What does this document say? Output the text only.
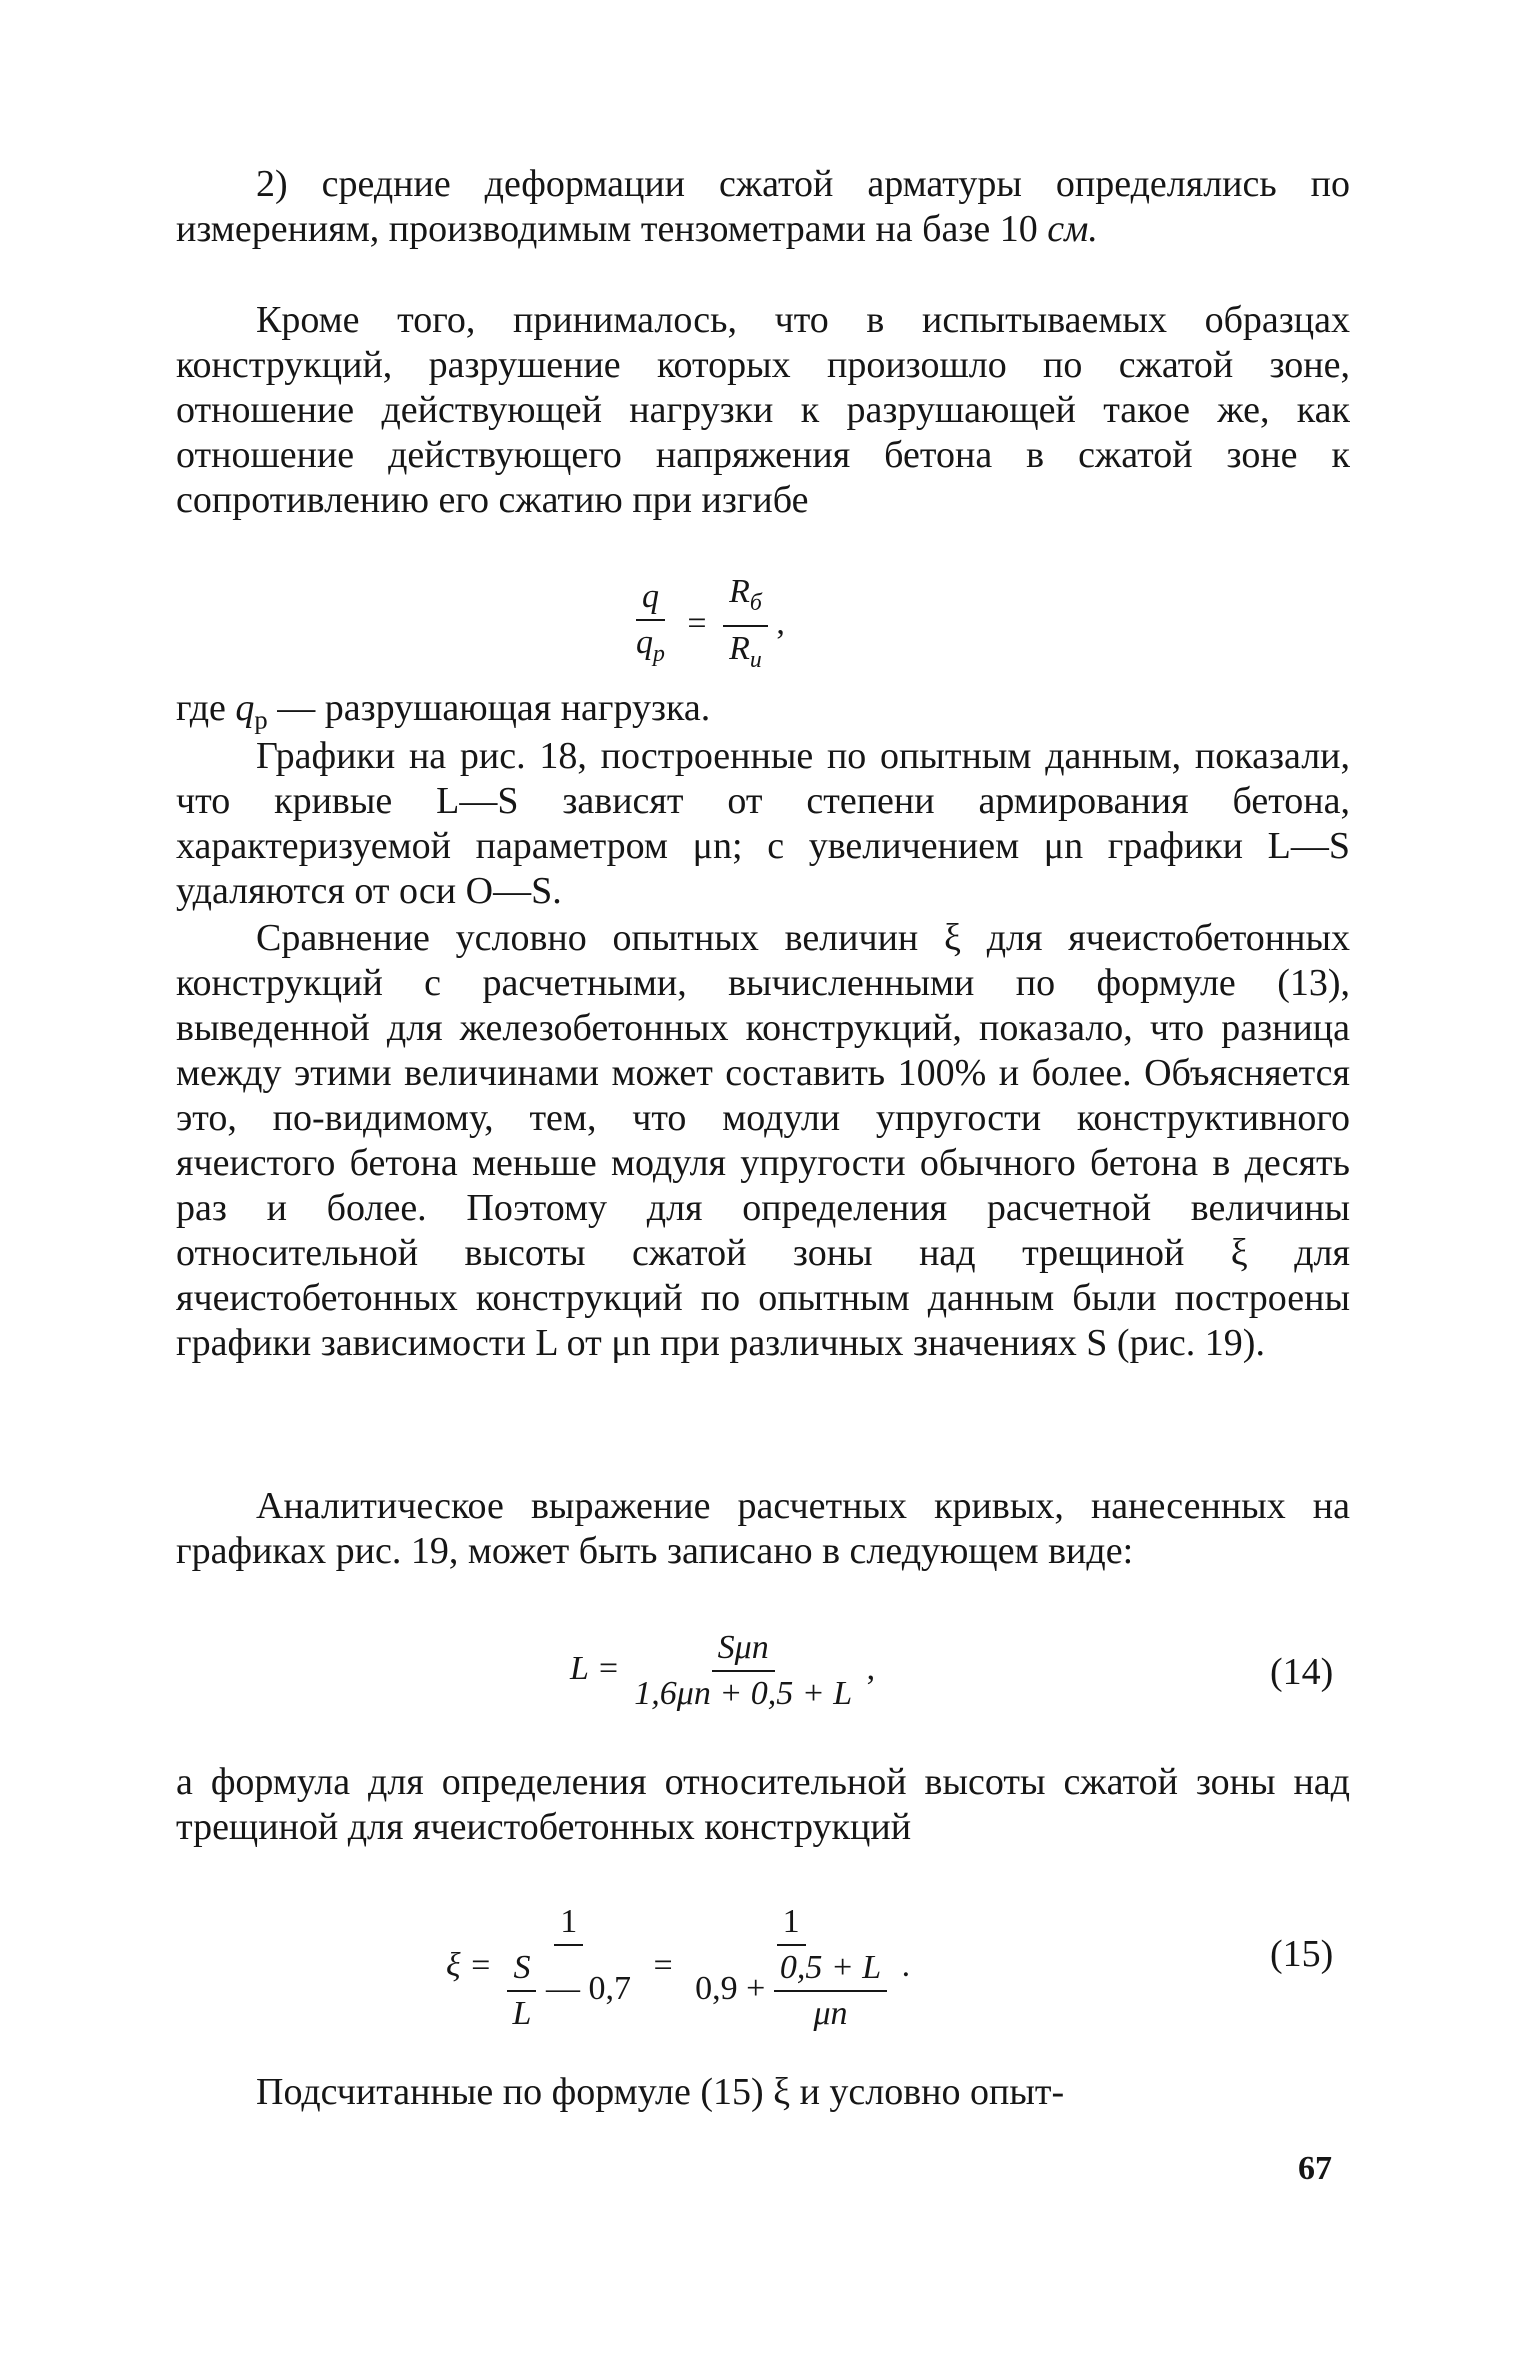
2) средние деформации сжатой арматуры определялись по измерениям, производимым тензометрами на базе 10 см.

Кроме того, принималось, что в испытываемых образцах конструкций, разрушение которых произошло по сжатой зоне, отношение действующей нагрузки к разрушающей такое же, как отношение действующего напряжения бетона в сжатой зоне к сопротивлению его сжатию при изгибе

$\frac{q}{q_р} = \frac{R_б}{R_и}$ ,

где $q_р$ — разрушающая нагрузка.

Графики на рис. 18, построенные по опытным данным, показали, что кривые L—S зависят от степени армирования бетона, характеризуемой параметром μn; с увеличением μn графики L—S удаляются от оси O—S.

Сравнение условно опытных величин ξ для ячеистобетонных конструкций с расчетными, вычисленными по формуле (13), выведенной для железобетонных конструкций, показало, что разница между этими величинами может составить 100% и более. Объясняется это, по-видимому, тем, что модули упругости конструктивного ячеистого бетона меньше модуля упругости обычного бетона в десять раз и более. Поэтому для определения расчетной величины относительной высоты сжатой зоны над трещиной ξ для ячеистобетонных конструкций по опытным данным были построены графики зависимости L от μn при различных значениях S (рис. 19).

Аналитическое выражение расчетных кривых, нанесенных на графиках рис. 19, может быть записано в следующем виде:

$L = \frac{\text{Sμn}}{1,6\mu n + 0,5 + L}$ ,	(14)

а формула для определения относительной высоты сжатой зоны над трещиной для ячеистобетонных конструкций

$\xi = \frac{1}{\frac{S}{L} — 0,7} = \frac{1}{0,9 + \frac{0,5 + L}{\mu n}}$ .	(15)

Подсчитанные по формуле (15) ξ и условно опыт-

67
